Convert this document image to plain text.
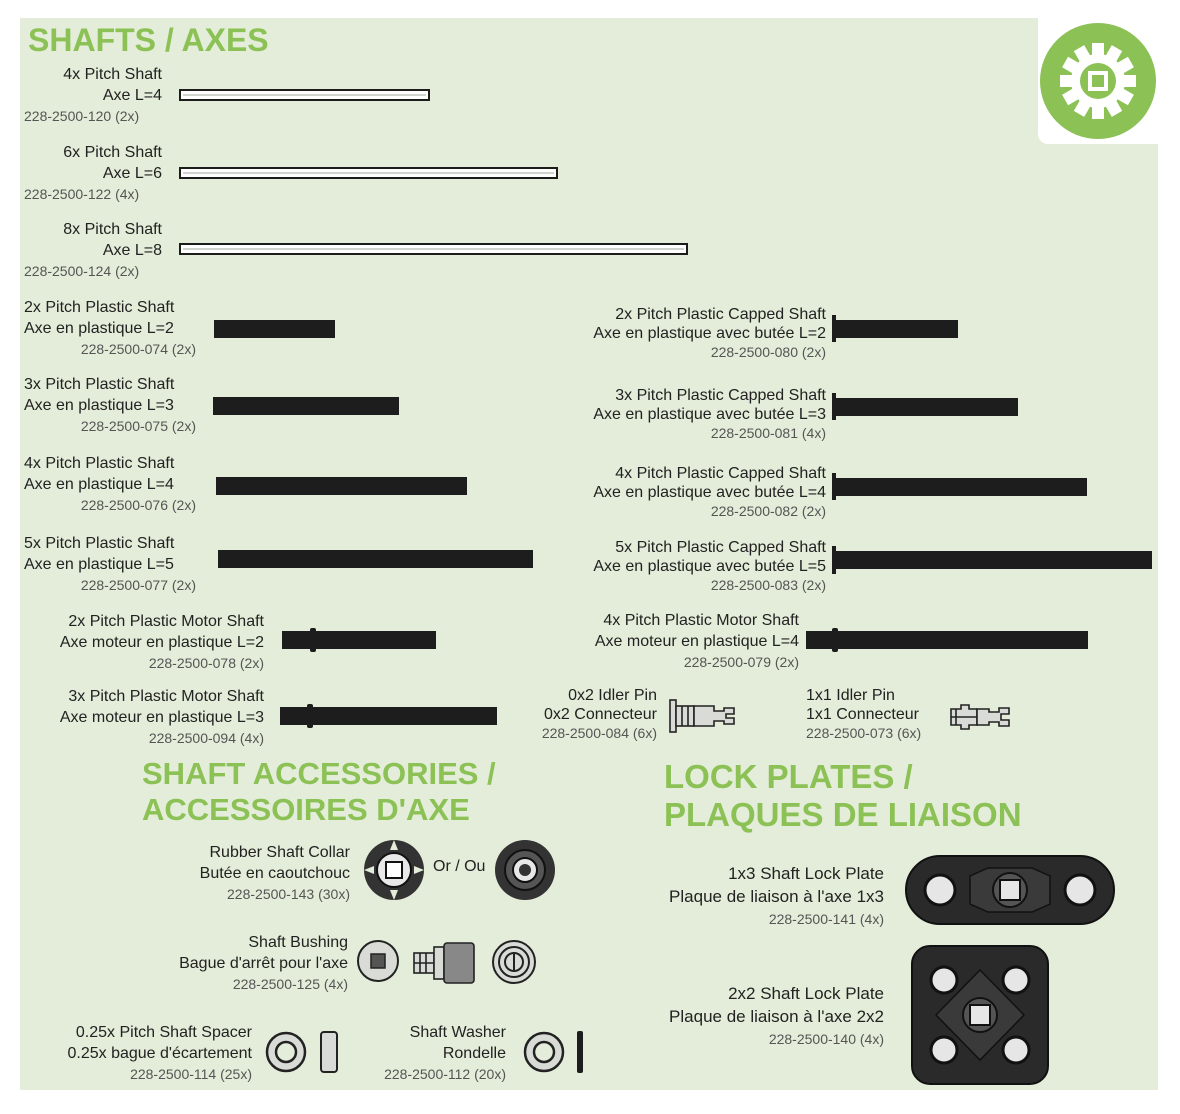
SHAFTS / AXES
SHAFT ACCESSORIES /
ACCESSOIRES D'AXE
LOCK PLATES /
PLAQUES DE LIAISON
4x Pitch Shaft
Axe L=4
228-2500-120 (2x)
6x Pitch Shaft
Axe L=6
228-2500-122 (4x)
8x Pitch Shaft
Axe L=8
228-2500-124 (2x)
2x Pitch Plastic Shaft
Axe en plastique L=2
228-2500-074 (2x)
3x Pitch Plastic Shaft
Axe en plastique L=3
228-2500-075 (2x)
4x Pitch Plastic Shaft
Axe en plastique L=4
228-2500-076 (2x)
5x Pitch Plastic Shaft
Axe en plastique L=5
228-2500-077 (2x)
2x Pitch Plastic Capped Shaft
Axe en plastique avec butée L=2
228-2500-080 (2x)
3x Pitch Plastic Capped Shaft
Axe en plastique avec butée L=3
228-2500-081 (4x)
4x Pitch Plastic Capped Shaft
Axe en plastique avec butée L=4
228-2500-082 (2x)
5x Pitch Plastic Capped Shaft
Axe en plastique avec butée L=5
228-2500-083 (2x)
2x Pitch Plastic Motor Shaft
Axe moteur en plastique L=2
228-2500-078 (2x)
4x Pitch Plastic Motor Shaft
Axe moteur en plastique L=4
228-2500-079 (2x)
3x Pitch Plastic Motor Shaft
Axe moteur en plastique L=3
228-2500-094 (4x)
0x2 Idler Pin
0x2 Connecteur
228-2500-084 (6x)
1x1 Idler Pin
1x1 Connecteur
228-2500-073 (6x)
Rubber Shaft Collar
Butée en caoutchouc
228-2500-143 (30x)
Or / Ou
Shaft Bushing
Bague d'arrêt pour l'axe
228-2500-125 (4x)
0.25x Pitch Shaft Spacer
0.25x bague d'écartement
228-2500-114 (25x)
Shaft Washer
Rondelle
228-2500-112 (20x)
1x3 Shaft Lock Plate
Plaque de liaison à l'axe 1x3
228-2500-141 (4x)
2x2 Shaft Lock Plate
Plaque de liaison à l'axe 2x2
228-2500-140 (4x)
